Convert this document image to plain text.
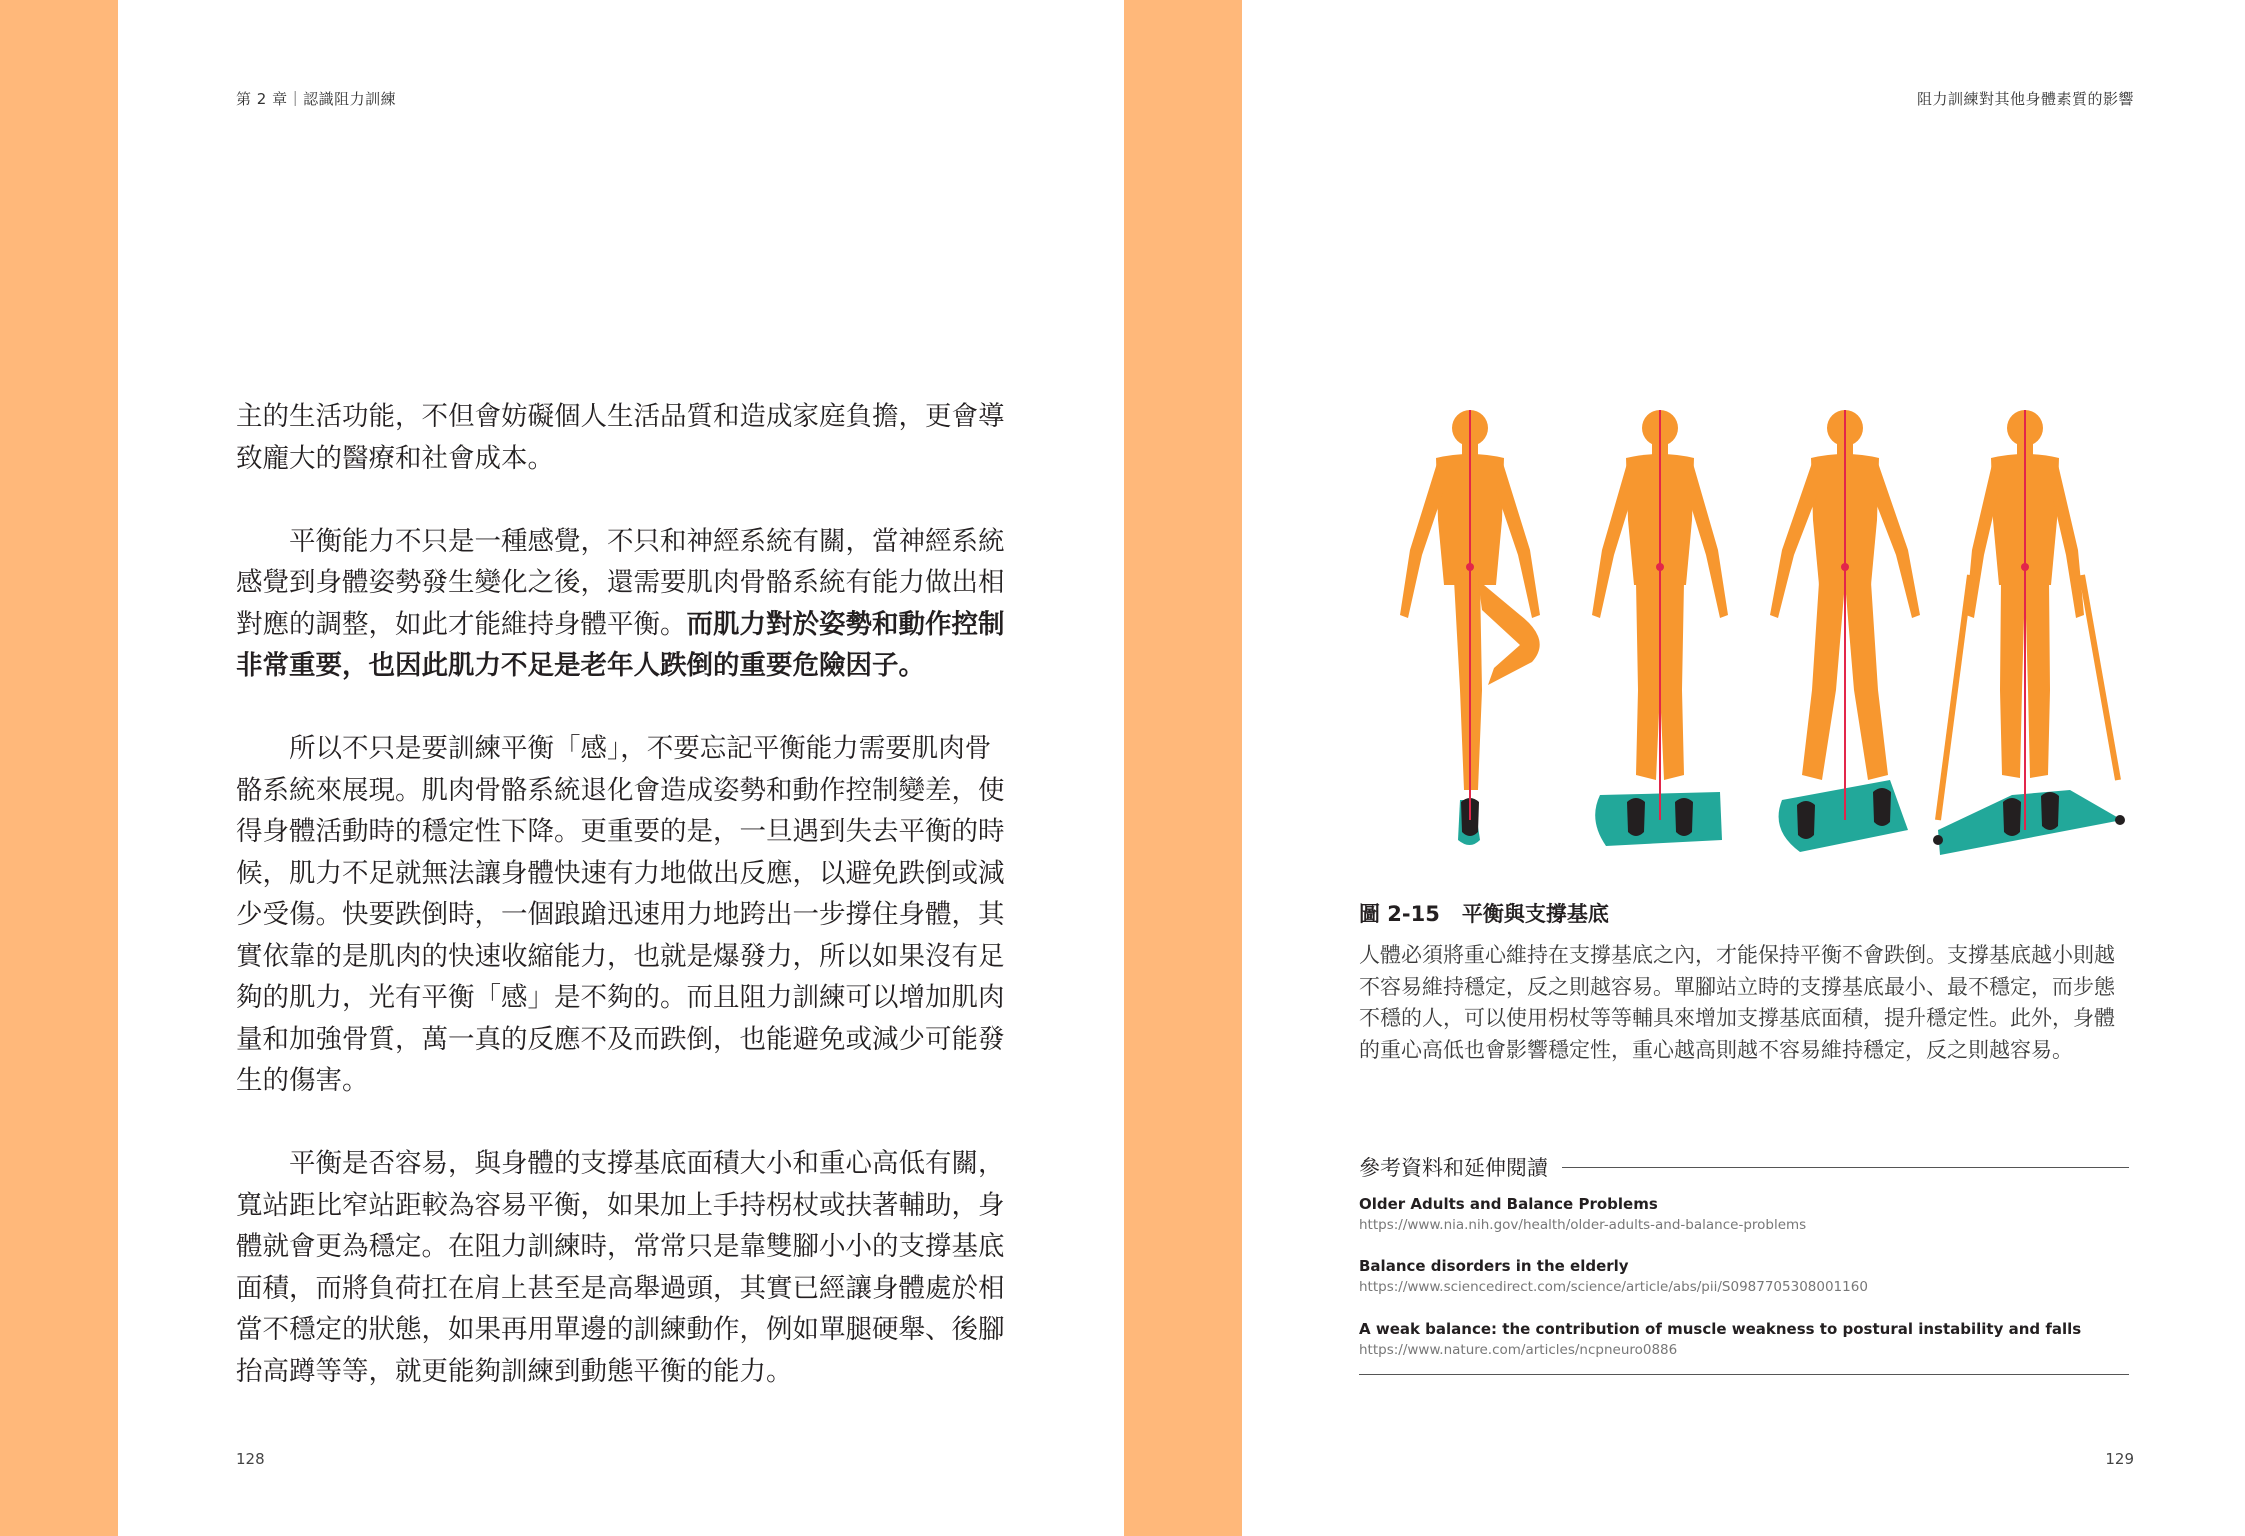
第 2 章｜認識阻力訓練

主的生活功能，不但會妨礙個人生活品質和造成家庭負擔，更會導致龐大的醫療和社會成本。

平衡能力不只是一種感覺，不只和神經系統有關，當神經系統感覺到身體姿勢發生變化之後，還需要肌肉骨骼系統有能力做出相對應的調整，如此才能維持身體平衡。而肌力對於姿勢和動作控制非常重要，也因此肌力不足是老年人跌倒的重要危險因子。

所以不只是要訓練平衡「感」，不要忘記平衡能力需要肌肉骨骼系統來展現。肌肉骨骼系統退化會造成姿勢和動作控制變差，使得身體活動時的穩定性下降。更重要的是，一旦遇到失去平衡的時候，肌力不足就無法讓身體快速有力地做出反應，以避免跌倒或減少受傷。快要跌倒時，一個踉蹌迅速用力地跨出一步撐住身體，其實依靠的是肌肉的快速收縮能力，也就是爆發力，所以如果沒有足夠的肌力，光有平衡「感」是不夠的。而且阻力訓練可以增加肌肉量和加強骨質，萬一真的反應不及而跌倒，也能避免或減少可能發生的傷害。

平衡是否容易，與身體的支撐基底面積大小和重心高低有關，寬站距比窄站距較為容易平衡，如果加上手持柺杖或扶著輔助，身體就會更為穩定。在阻力訓練時，常常只是靠雙腳小小的支撐基底面積，而將負荷扛在肩上甚至是高舉過頭，其實已經讓身體處於相當不穩定的狀態，如果再用單邊的訓練動作，例如單腿硬舉、後腳抬高蹲等等，就更能夠訓練到動態平衡的能力。

128
阻力訓練對其他身體素質的影響
圖 2-15 平衡與支撐基底
人體必須將重心維持在支撐基底之內，才能保持平衡不會跌倒。支撐基底越小則越不容易維持穩定，反之則越容易。單腳站立時的支撐基底最小、最不穩定，而步態不穩的人，可以使用枴杖等等輔具來增加支撐基底面積，提升穩定性。此外，身體的重心高低也會影響穩定性，重心越高則越不容易維持穩定，反之則越容易。
參考資料和延伸閱讀
Older Adults and Balance Problems
https://www.nia.nih.gov/health/older-adults-and-balance-problems
Balance disorders in the elderly
https://www.sciencedirect.com/science/article/abs/pii/S0987705308001160
A weak balance: the contribution of muscle weakness to postural instability and falls
https://www.nature.com/articles/ncpneuro0886
129
